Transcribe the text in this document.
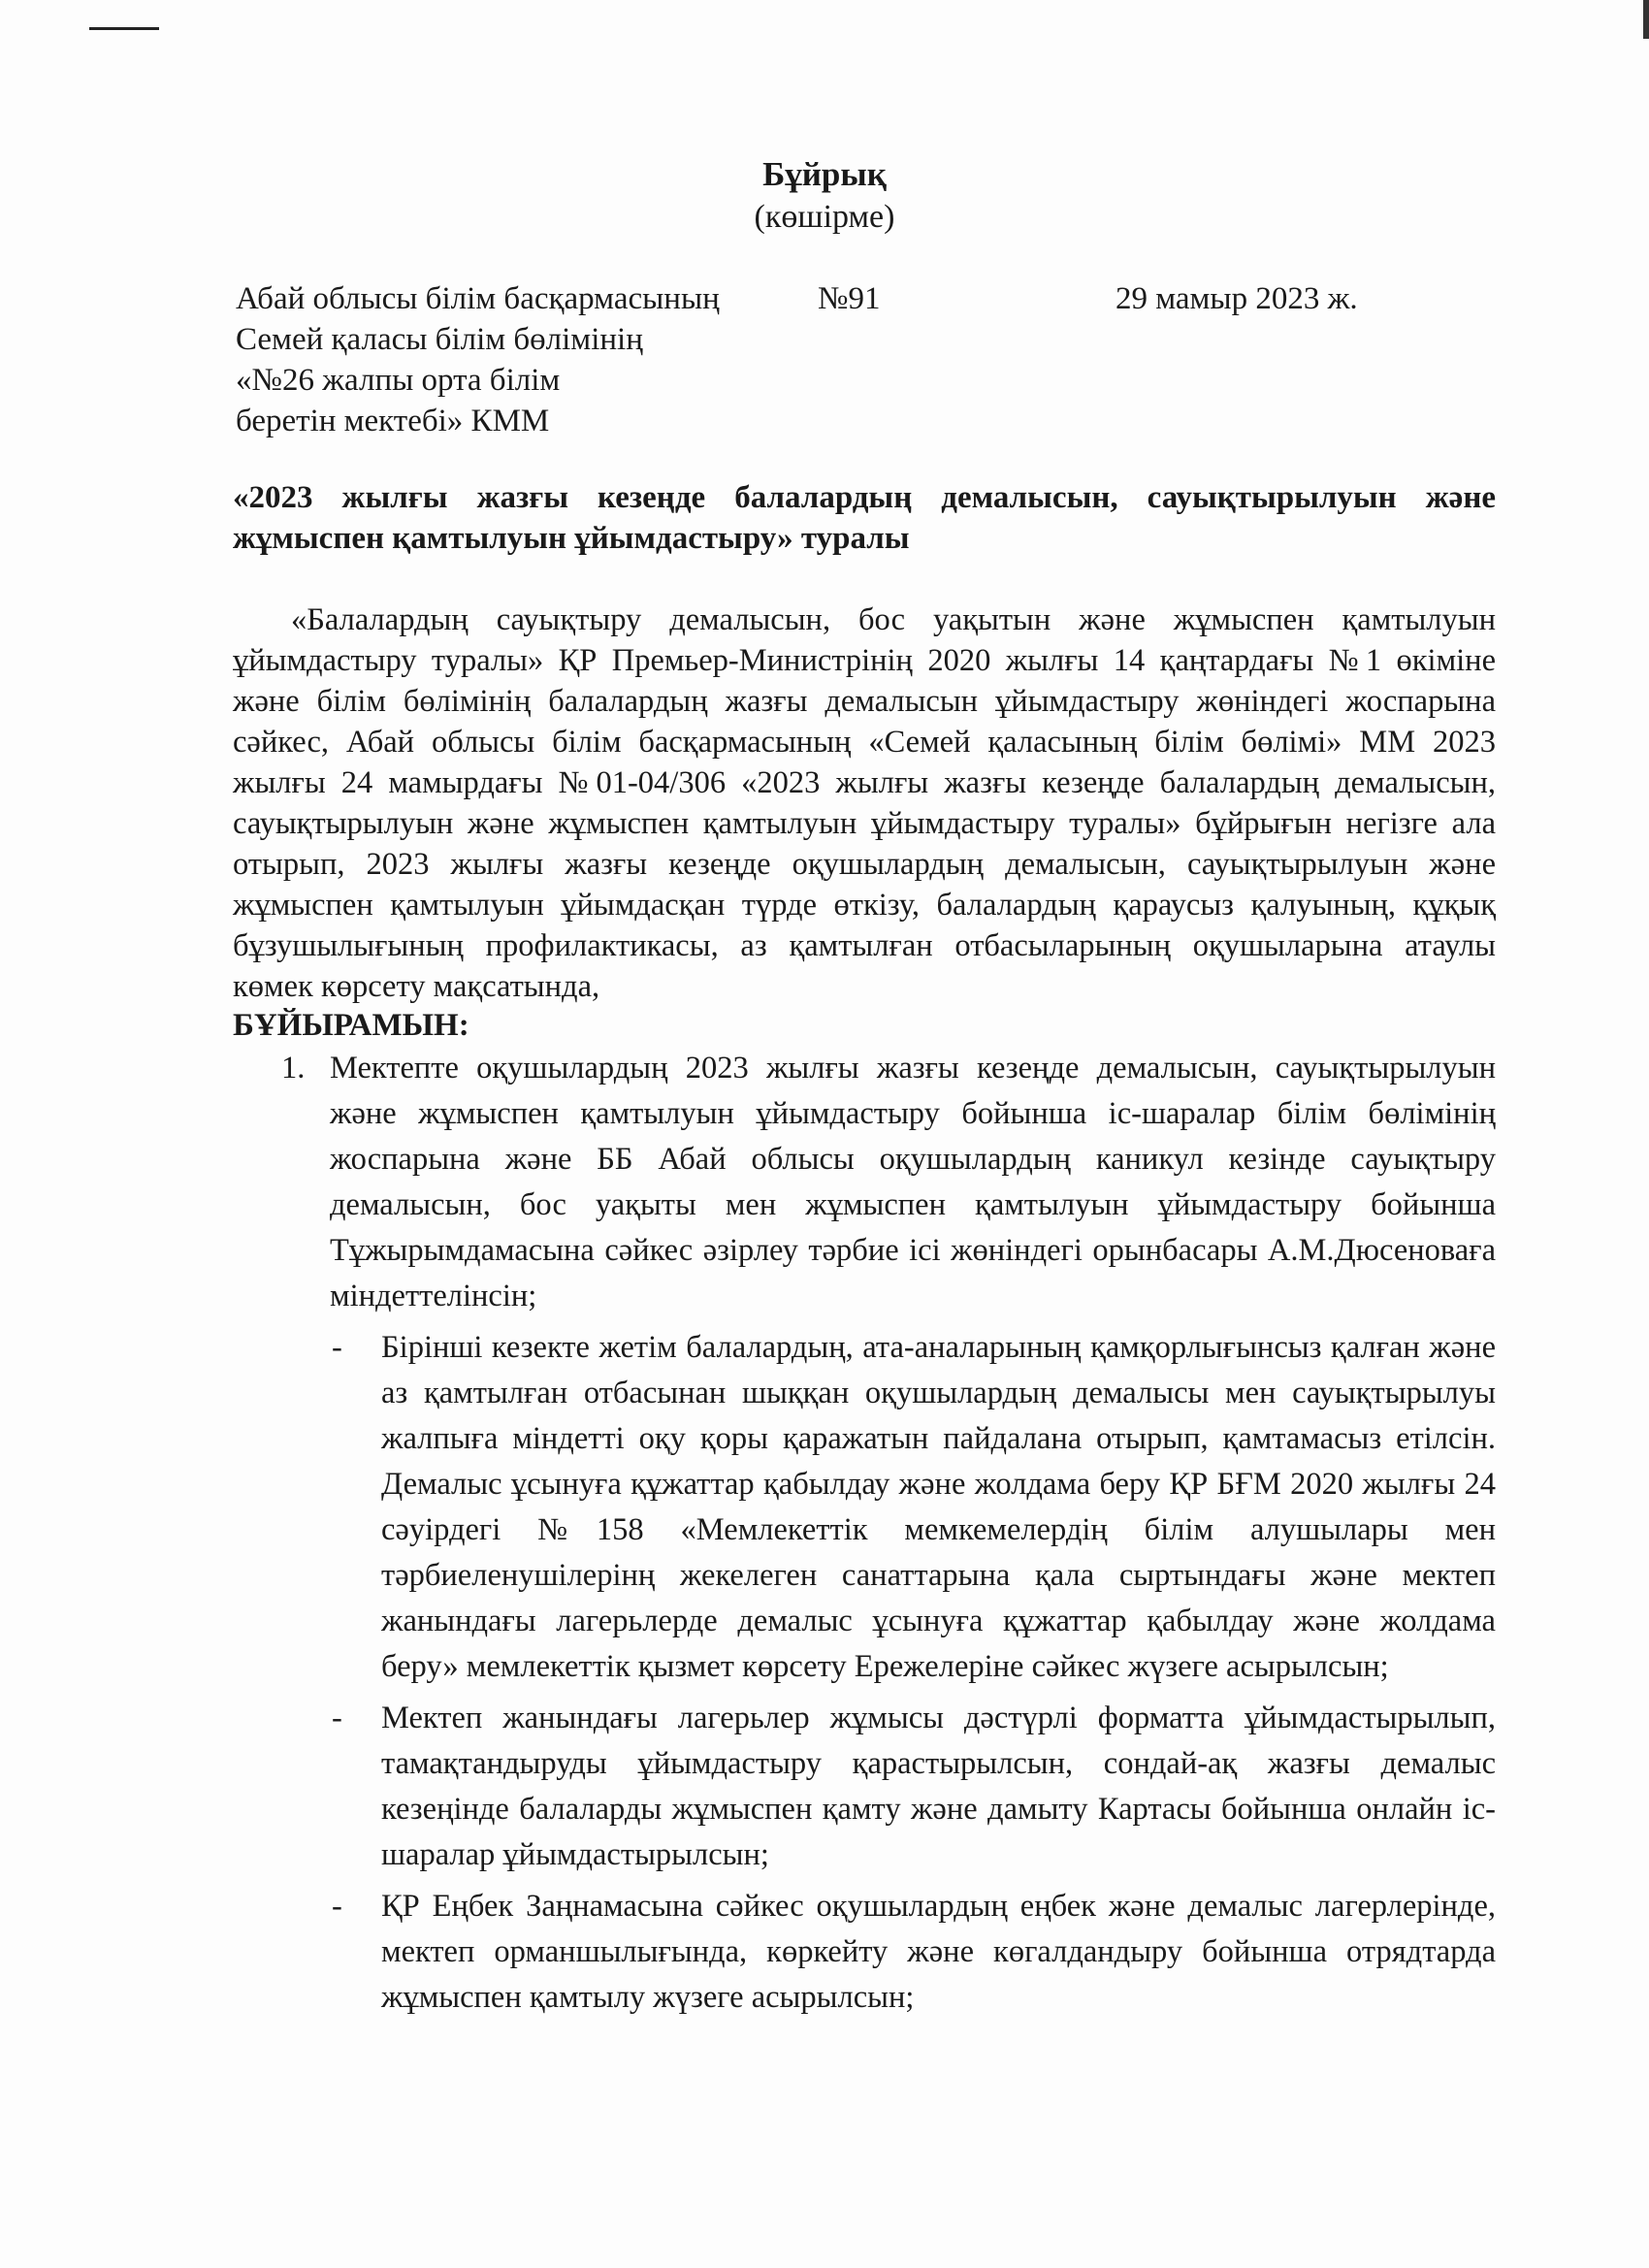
Бұйрық
(көшірме)
Абай облысы білім басқармасының
Семей қаласы білім бөлімінің
«№26 жалпы орта білім
беретін мектебі» КММ
№91	29 мамыр 2023 ж.
«2023 жылғы жазғы кезеңде балалардың демалысын, сауықтырылуын және жұмыспен қамтылуын ұйымдастыру» туралы

«Балалардың сауықтыру демалысын, бос уақытын және жұмыспен қамтылуын ұйымдастыру туралы» ҚР Премьер-Министрінің 2020 жылғы 14 қаңтардағы №1 өкіміне және білім бөлімінің балалардың жазғы демалысын ұйымдастыру жөніндегі жоспарына сәйкес, Абай облысы білім басқармасының «Семей қаласының білім бөлімі» ММ 2023 жылғы 24 мамырдағы №01-04/306 «2023 жылғы жазғы кезеңде балалардың демалысын, сауықтырылуын және жұмыспен қамтылуын ұйымдастыру туралы» бұйрығын негізге ала отырып, 2023 жылғы жазғы кезеңде оқушылардың демалысын, сауықтырылуын және жұмыспен қамтылуын ұйымдасқан түрде өткізу, балалардың қараусыз қалуының, құқық бұзушылығының профилактикасы, аз қамтылған отбасыларының оқушыларына атаулы көмек көрсету мақсатында,

БҰЙЫРАМЫН:
1. Мектепте оқушылардың 2023 жылғы жазғы кезеңде демалысын, сауықтырылуын және жұмыспен қамтылуын ұйымдастыру бойынша іс-шаралар білім бөлімінің жоспарына және ББ Абай облысы оқушылардың каникул кезінде сауықтыру демалысын, бос уақыты мен жұмыспен қамтылуын ұйымдастыру бойынша Тұжырымдамасына сәйкес әзірлеу тәрбие ісі жөніндегі орынбасары А.М.Дюсеноваға міндеттелінсін;
- Бірінші кезекте жетім балалардың, ата-аналарының қамқорлығынсыз қалған және аз қамтылған отбасынан шыққан оқушылардың демалысы мен сауықтырылуы жалпыға міндетті оқу қоры қаражатын пайдалана отырып, қамтамасыз етілсін. Демалыс ұсынуға құжаттар қабылдау және жолдама беру ҚР БҒМ 2020 жылғы 24 сәуірдегі №158 «Мемлекеттік мемкемелердің білім алушылары мен тәрбиеленушілерінң жекелеген санаттарына қала сыртындағы және мектеп жанындағы лагерьлерде демалыс ұсынуға құжаттар қабылдау және жолдама беру» мемлекеттік қызмет көрсету Ережелеріне сәйкес жүзеге асырылсын;
- Мектеп жанындағы лагерьлер жұмысы дәстүрлі форматта ұйымдастырылып, тамақтандыруды ұйымдастыру қарастырылсын, сондай-ақ жазғы демалыс кезеңінде балаларды жұмыспен қамту және дамыту Картасы бойынша онлайн іс-шаралар ұйымдастырылсын;
- ҚР Еңбек Заңнамасына сәйкес оқушылардың еңбек және демалыс лагерлерінде, мектеп орманшылығында, көркейту және көгалдандыру бойынша отрядтарда жұмыспен қамтылу жүзеге асырылсын;
